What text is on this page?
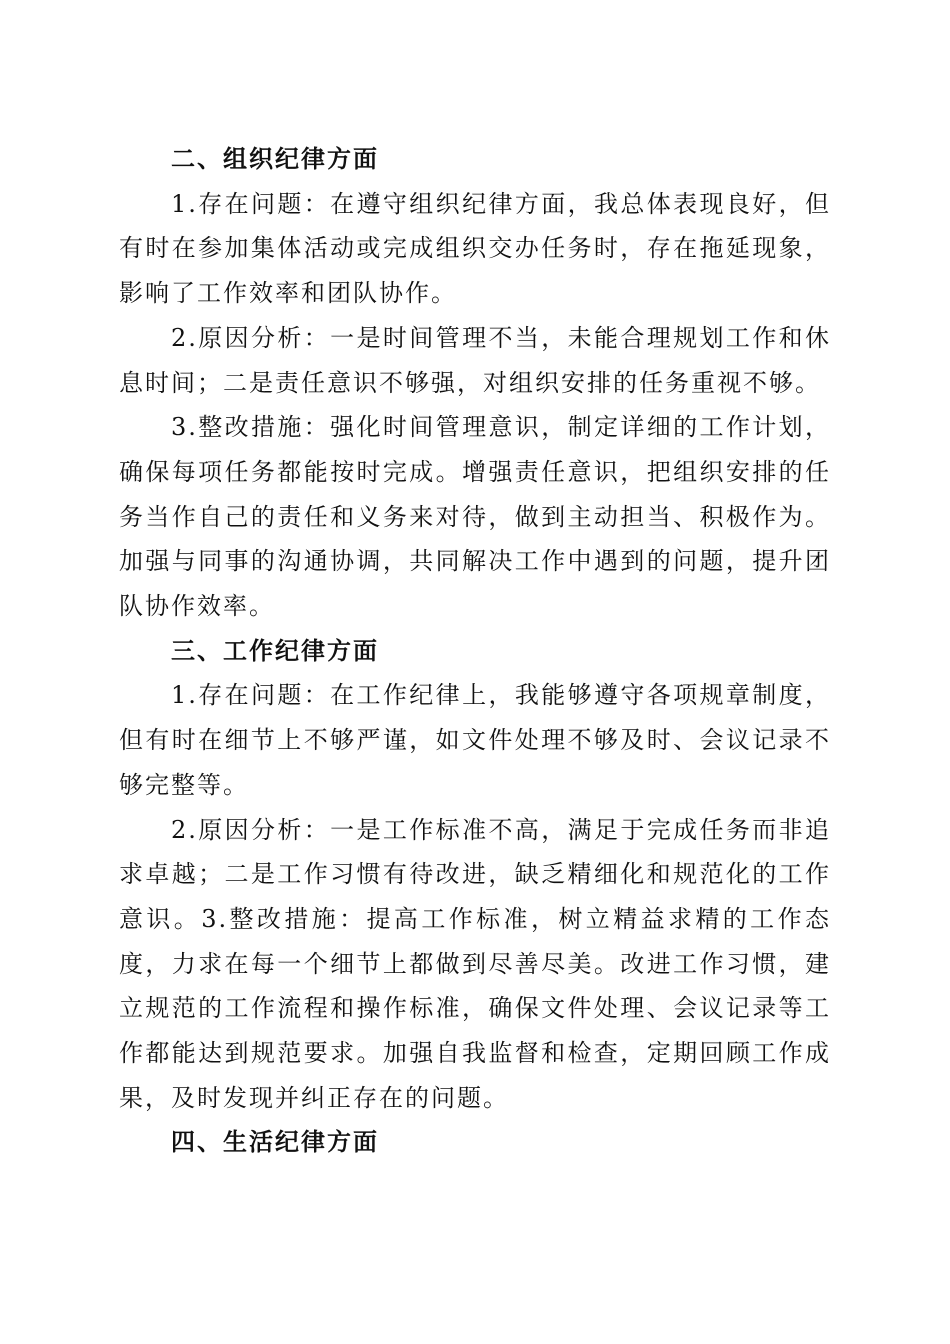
二、组织纪律方面

1.存在问题：在遵守组织纪律方面，我总体表现良好，但有时在参加集体活动或完成组织交办任务时，存在拖延现象，影响了工作效率和团队协作。

2.原因分析：一是时间管理不当，未能合理规划工作和休息时间；二是责任意识不够强，对组织安排的任务重视不够。

3.整改措施：强化时间管理意识，制定详细的工作计划，确保每项任务都能按时完成。增强责任意识，把组织安排的任务当作自己的责任和义务来对待，做到主动担当、积极作为。加强与同事的沟通协调，共同解决工作中遇到的问题，提升团队协作效率。

三、工作纪律方面

1.存在问题：在工作纪律上，我能够遵守各项规章制度，但有时在细节上不够严谨，如文件处理不够及时、会议记录不够完整等。

2.原因分析：一是工作标准不高，满足于完成任务而非追求卓越；二是工作习惯有待改进，缺乏精细化和规范化的工作意识。3.整改措施：提高工作标准，树立精益求精的工作态度，力求在每一个细节上都做到尽善尽美。改进工作习惯，建立规范的工作流程和操作标准，确保文件处理、会议记录等工作都能达到规范要求。加强自我监督和检查，定期回顾工作成果，及时发现并纠正存在的问题。

四、生活纪律方面
